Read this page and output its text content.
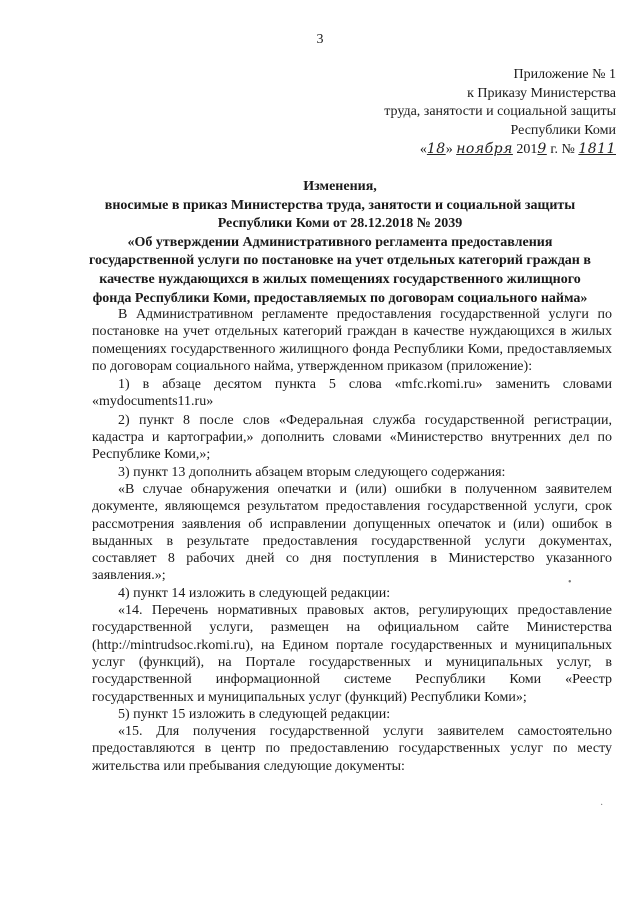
3
Приложение № 1
к Приказу Министерства
труда, занятости и социальной защиты
Республики Коми
«18» ноября 2019 г. № 1811
Изменения,
вносимые в приказ Министерства труда, занятости и социальной защиты
Республики Коми от 28.12.2018 № 2039
«Об утверждении Административного регламента предоставления
государственной услуги по постановке на учет отдельных категорий граждан в
качестве нуждающихся в жилых помещениях государственного жилищного
фонда Республики Коми, предоставляемых по договорам социального найма»

В Административном регламенте предоставления государственной услуги по постановке на учет отдельных категорий граждан в качестве нуждающихся в жилых помещениях государственного жилищного фонда Республики Коми, предоставляемых по договорам социального найма, утвержденном приказом (приложение):

1) в абзаце десятом пункта 5 слова «mfc.rkomi.ru» заменить словами «mydocuments11.ru»

2) пункт 8 после слов «Федеральная служба государственной регистрации, кадастра и картографии,» дополнить словами «Министерство внутренних дел по Республике Коми,»;

3) пункт 13 дополнить абзацем вторым следующего содержания:

«В случае обнаружения опечатки и (или) ошибки в полученном заявителем документе, являющемся результатом предоставления государственной услуги, срок рассмотрения заявления об исправлении допущенных опечаток и (или) ошибок в выданных в результате предоставления государственной услуги документах, составляет 8 рабочих дней со дня поступления в Министерство указанного заявления.»;

4) пункт 14 изложить в следующей редакции:

«14. Перечень нормативных правовых актов, регулирующих предоставление государственной услуги, размещен на официальном сайте Министерства (http://mintrudsoc.rkomi.ru), на Едином портале государственных и муниципальных услуг (функций), на Портале государственных и муниципальных услуг, в государственной информационной системе Республики Коми «Реестр государственных и муниципальных услуг (функций) Республики Коми»;

5) пункт 15 изложить в следующей редакции:

«15. Для получения государственной услуги заявителем самостоятельно предоставляются в центр по предоставлению государственных услуг по месту жительства или пребывания следующие документы:

•
·
